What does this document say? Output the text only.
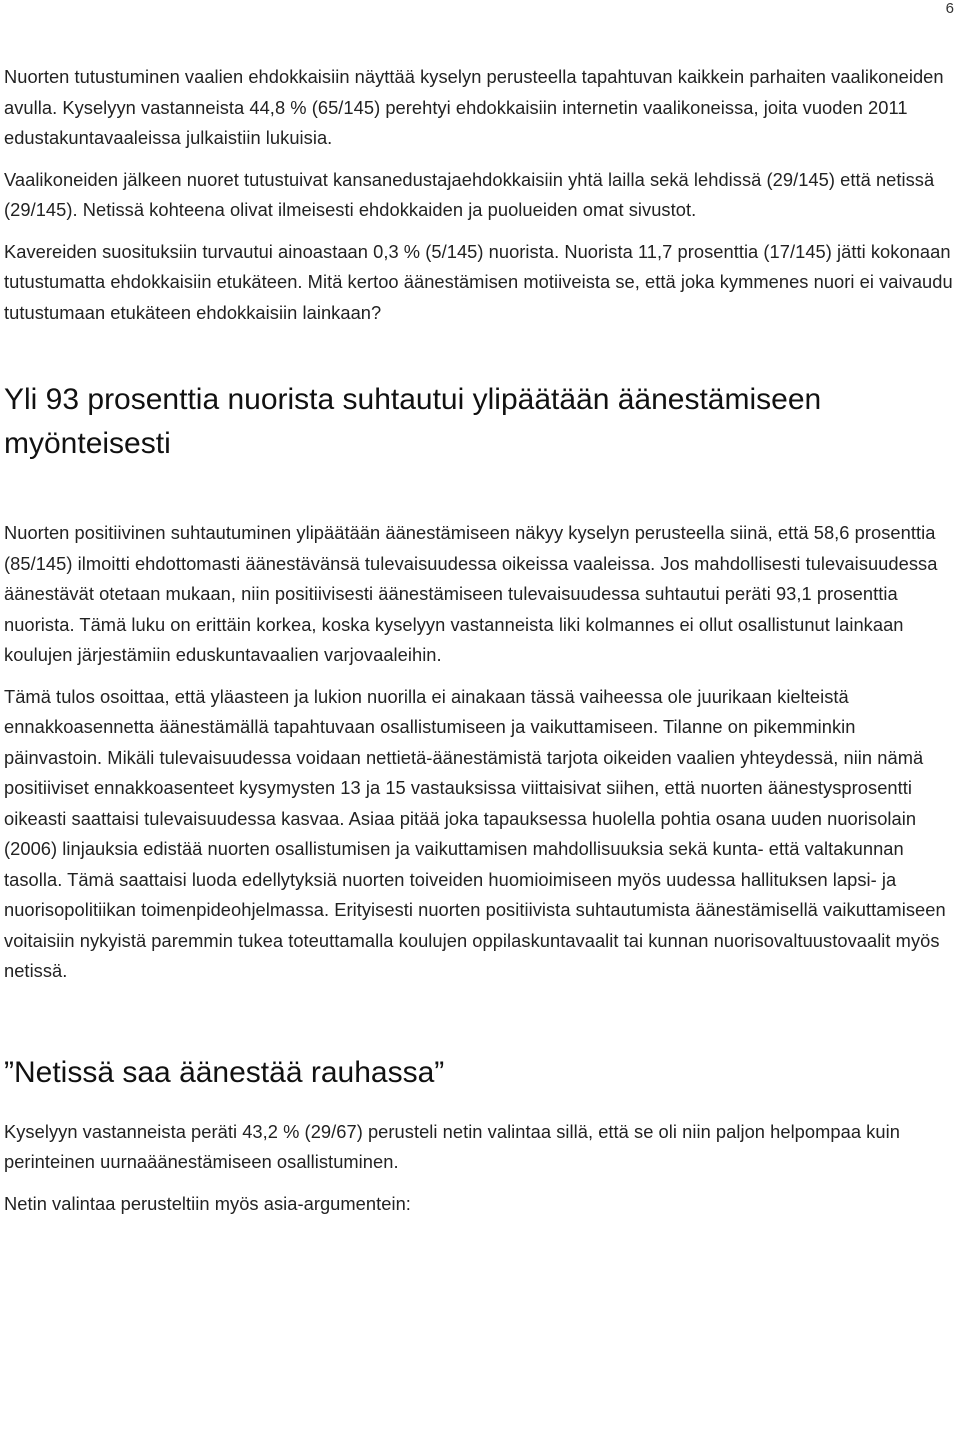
6

Nuorten tutustuminen vaalien ehdokkaisiin näyttää kyselyn perusteella tapahtuvan kaikkein parhaiten vaalikoneiden avulla. Kyselyyn vastanneista 44,8 % (65/145) perehtyi ehdokkaisiin internetin vaalikoneissa, joita vuoden 2011 edustakuntavaaleissa julkaistiin lukuisia.

Vaalikoneiden jälkeen nuoret tutustuivat kansanedustajaehdokkaisiin yhtä lailla sekä lehdissä (29/145) että netissä (29/145). Netissä kohteena olivat ilmeisesti ehdokkaiden ja puolueiden omat sivustot.

Kavereiden suosituksiin turvautui ainoastaan 0,3 % (5/145) nuorista. Nuorista 11,7 prosenttia (17/145) jätti kokonaan tutustumatta ehdokkaisiin etukäteen. Mitä kertoo äänestämisen motiiveista se, että joka kymmenes nuori ei vaivaudu tutustumaan etukäteen ehdokkaisiin lainkaan?

Yli 93 prosenttia nuorista suhtautui ylipäätään äänestämiseen myönteisesti

Nuorten positiivinen suhtautuminen ylipäätään äänestämiseen näkyy kyselyn perusteella siinä, että 58,6 prosenttia (85/145) ilmoitti ehdottomasti äänestävänsä tulevaisuudessa oikeissa vaaleissa. Jos mahdollisesti tulevaisuudessa äänestävät otetaan mukaan, niin positiivisesti äänestämiseen tulevaisuudessa suhtautui peräti 93,1 prosenttia nuorista. Tämä luku on erittäin korkea, koska kyselyyn vastanneista liki kolmannes ei ollut osallistunut lainkaan koulujen järjestämiin eduskuntavaalien varjovaaleihin.

Tämä tulos osoittaa, että yläasteen ja lukion nuorilla ei ainakaan tässä vaiheessa ole juurikaan kielteistä ennakkoasennetta äänestämällä tapahtuvaan osallistumiseen ja vaikuttamiseen. Tilanne on pikemminkin päinvastoin. Mikäli tulevaisuudessa voidaan nettietä-äänestämistä tarjota oikeiden vaalien yhteydessä, niin nämä positiiviset ennakkoasenteet kysymysten 13 ja 15 vastauksissa viittaisivat siihen, että nuorten äänestysprosentti oikeasti saattaisi tulevaisuudessa kasvaa. Asiaa pitää joka tapauksessa huolella pohtia osana uuden nuorisolain (2006) linjauksia edistää nuorten osallistumisen ja vaikuttamisen mahdollisuuksia sekä kunta- että valtakunnan tasolla. Tämä saattaisi luoda edellytyksiä nuorten toiveiden huomioimiseen myös uudessa hallituksen lapsi- ja nuorisopolitiikan toimenpideohjelmassa. Erityisesti nuorten positiivista suhtautumista äänestämisellä vaikuttamiseen voitaisiin nykyistä paremmin tukea toteuttamalla koulujen oppilaskuntavaalit tai kunnan nuorisovaltuustovaalit myös netissä.

”Netissä saa äänestää rauhassa”

Kyselyyn vastanneista peräti 43,2 % (29/67) perusteli netin valintaa sillä, että se oli niin paljon helpompaa kuin perinteinen uurnaäänestämiseen osallistuminen.

Netin valintaa perusteltiin myös asia-argumentein:
